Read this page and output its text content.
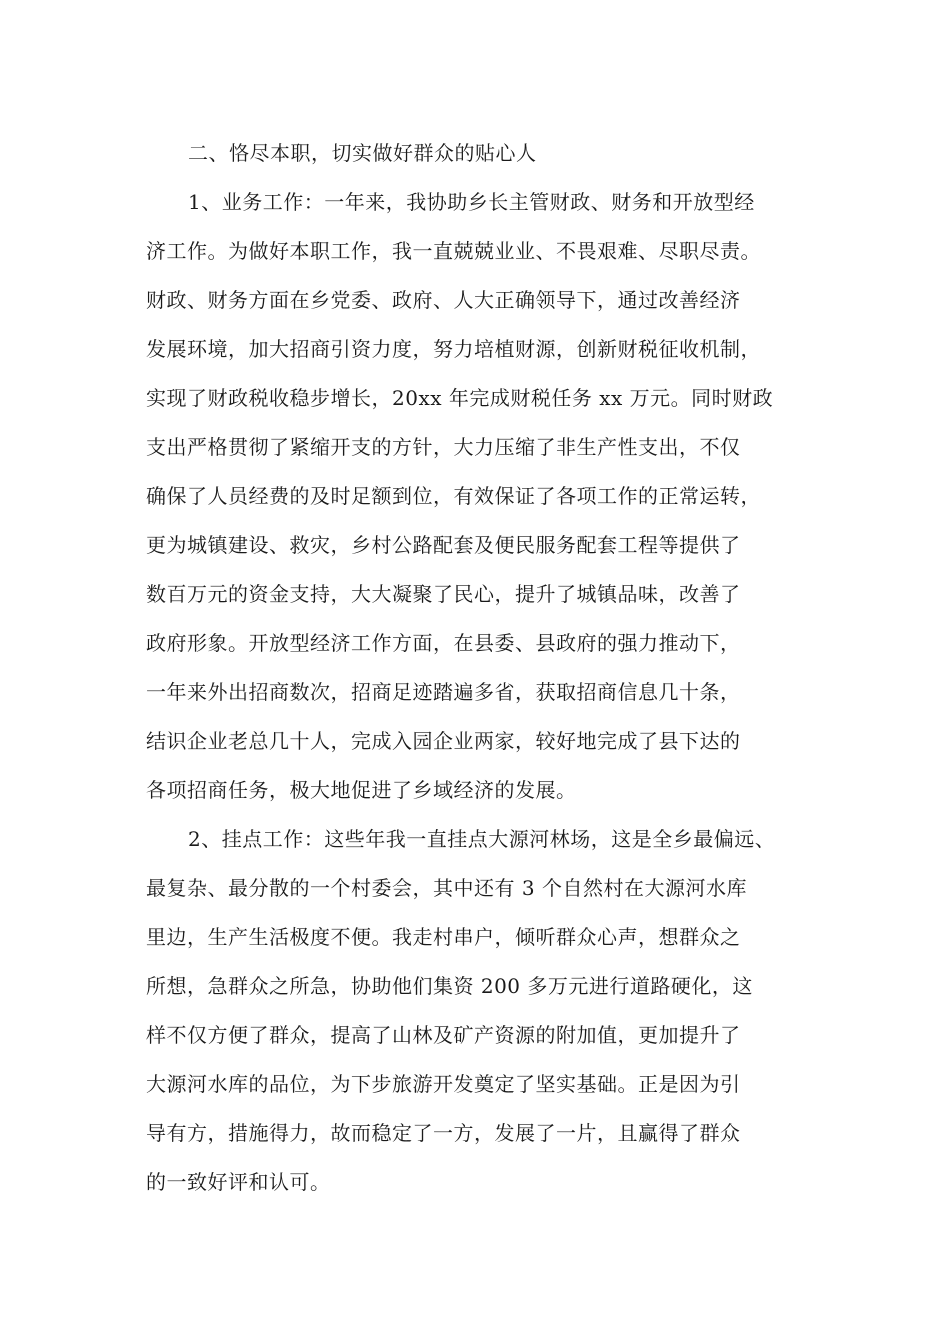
二、恪尽本职，切实做好群众的贴心人
1、业务工作：一年来，我协助乡长主管财政、财务和开放型经
济工作。为做好本职工作，我一直兢兢业业、不畏艰难、尽职尽责。
财政、财务方面在乡党委、政府、人大正确领导下，通过改善经济
发展环境，加大招商引资力度，努力培植财源，创新财税征收机制，
实现了财政税收稳步增长，20xx 年完成财税任务 xx 万元。同时财政
支出严格贯彻了紧缩开支的方针，大力压缩了非生产性支出，不仅
确保了人员经费的及时足额到位，有效保证了各项工作的正常运转，
更为城镇建设、救灾，乡村公路配套及便民服务配套工程等提供了
数百万元的资金支持，大大凝聚了民心，提升了城镇品味，改善了
政府形象。开放型经济工作方面，在县委、县政府的强力推动下，
一年来外出招商数次，招商足迹踏遍多省，获取招商信息几十条，
结识企业老总几十人，完成入园企业两家，较好地完成了县下达的
各项招商任务，极大地促进了乡域经济的发展。
2、挂点工作：这些年我一直挂点大源河林场，这是全乡最偏远、
最复杂、最分散的一个村委会，其中还有 3 个自然村在大源河水库
里边，生产生活极度不便。我走村串户，倾听群众心声，想群众之
所想，急群众之所急，协助他们集资 200 多万元进行道路硬化，这
样不仅方便了群众，提高了山林及矿产资源的附加值，更加提升了
大源河水库的品位，为下步旅游开发奠定了坚实基础。正是因为引
导有方，措施得力，故而稳定了一方，发展了一片，且赢得了群众
的一致好评和认可。
